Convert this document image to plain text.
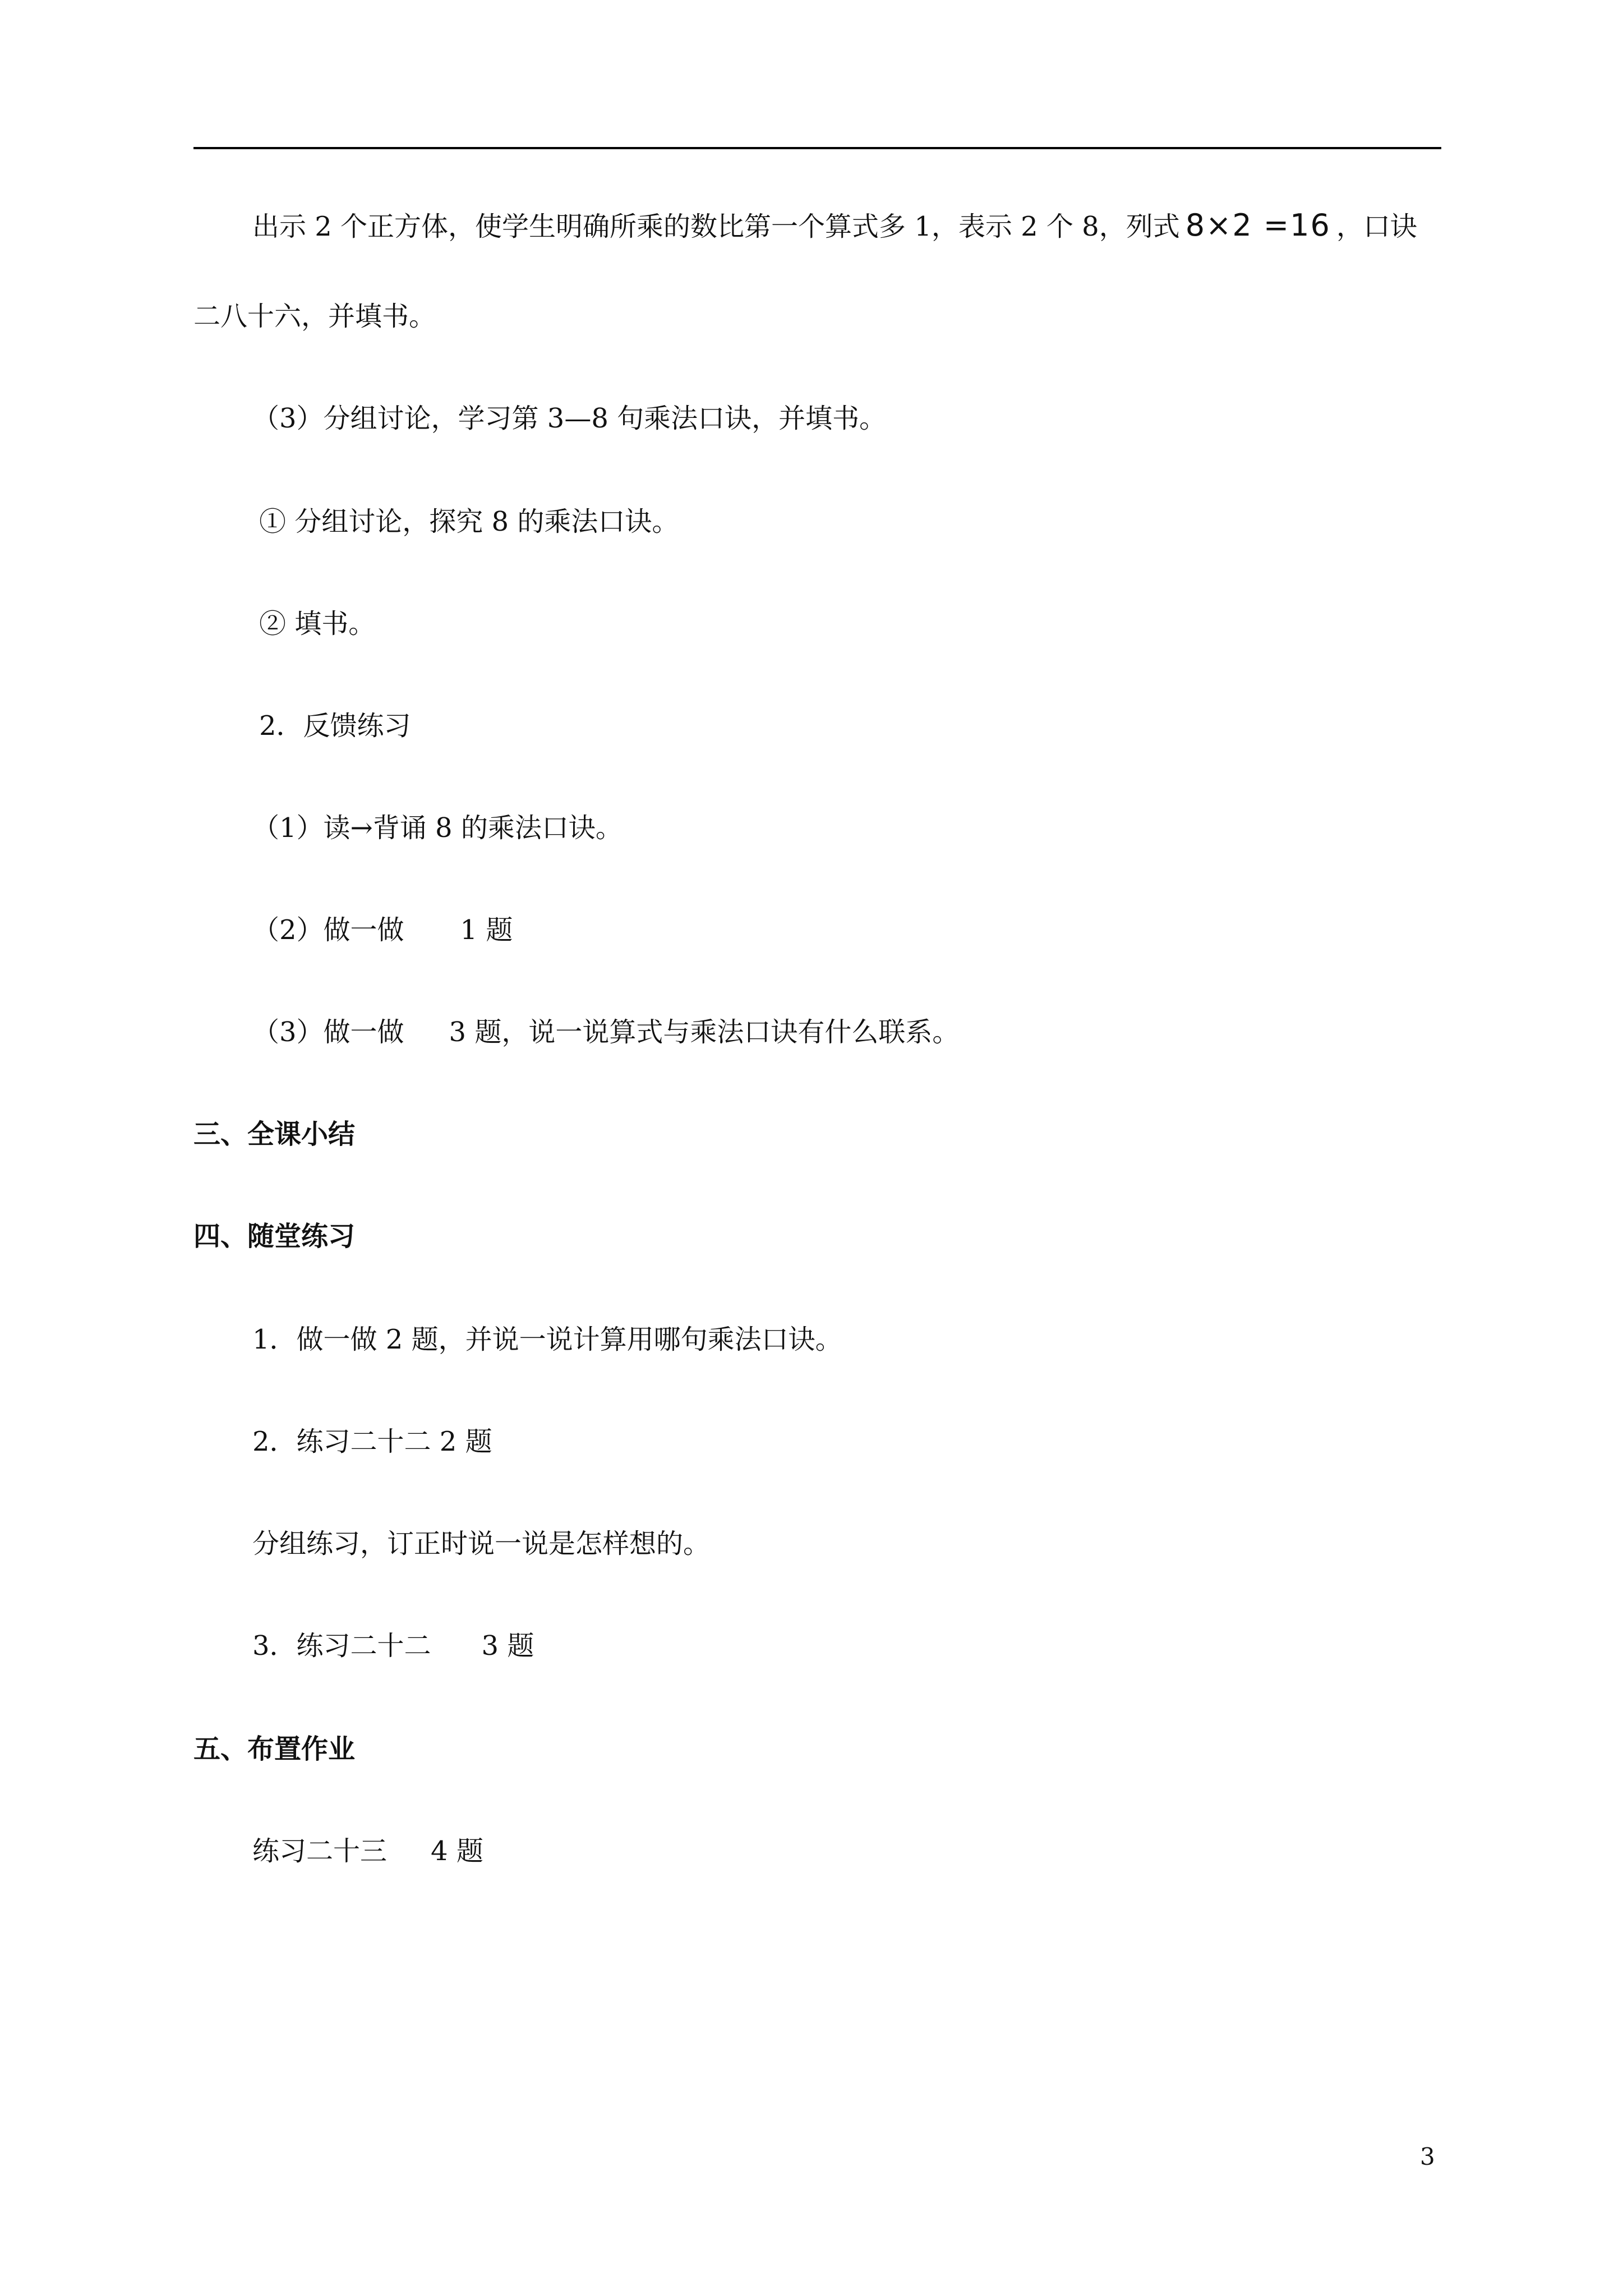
出示 2 个正方体，使学生明确所乘的数比第一个算式多 1，表示 2 个 8，列式 8×2 =16 ，口诀
二八十六，并填书。
（3）分组讨论，学习第 3—8 句乘法口诀，并填书。
① 分组讨论，探究 8 的乘法口诀。
② 填书。
2．反馈练习
（1）读→背诵 8 的乘法口诀。
（2）做一做 1 题
（3）做一做 3 题，说一说算式与乘法口诀有什么联系。
三、全课小结
四、随堂练习
1．做一做 2 题，并说一说计算用哪句乘法口诀。
2．练习二十二 2 题
分组练习，订正时说一说是怎样想的。
3．练习二十二 3 题
五、布置作业
练习二十三 4 题
3
